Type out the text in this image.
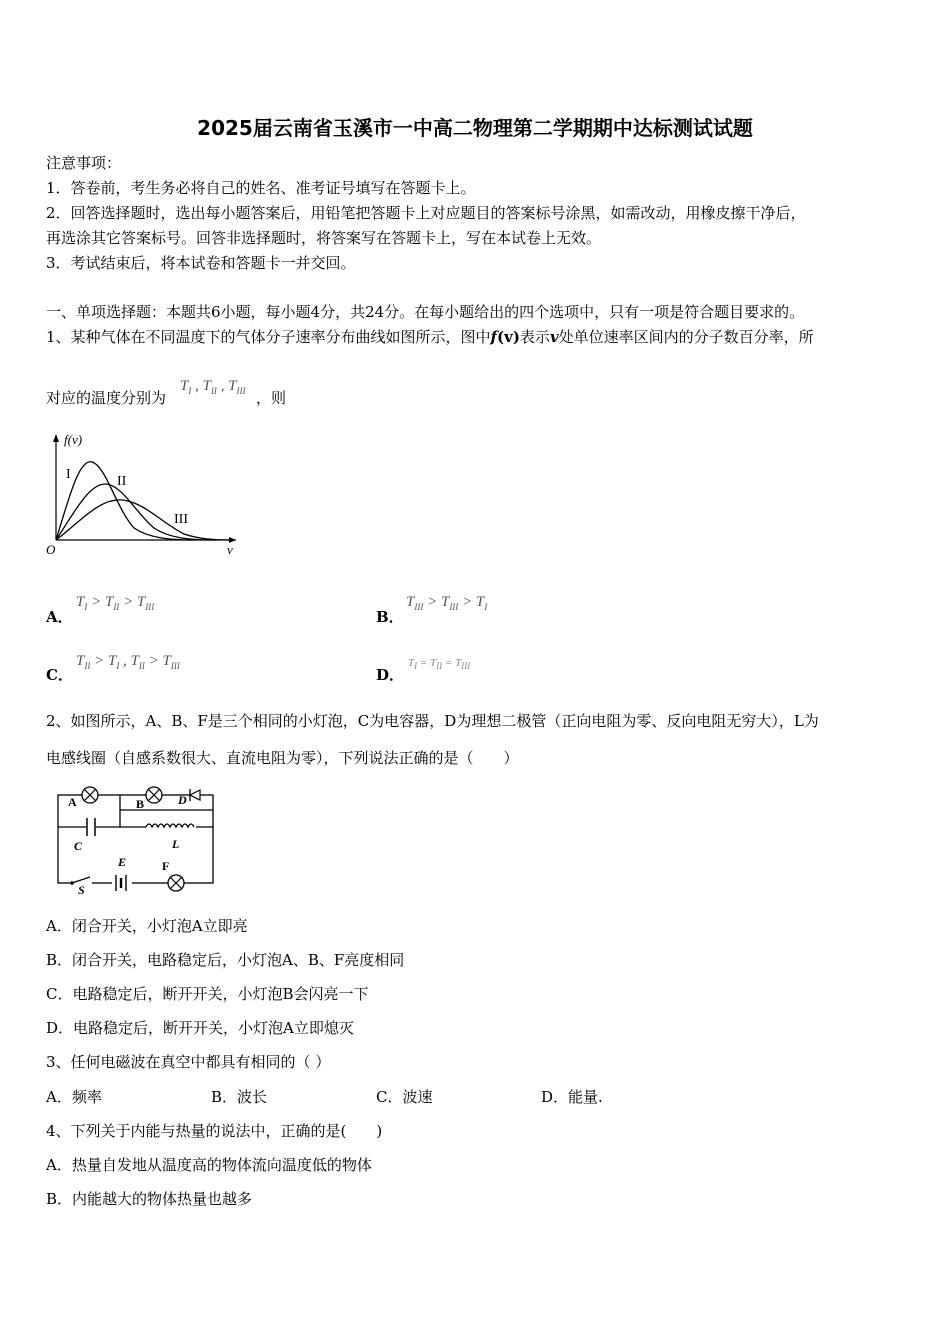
2025届云南省玉溪市一中高二物理第二学期期中达标测试试题
注意事项：
1．答卷前，考生务必将自己的姓名、准考证号填写在答题卡上。
2．回答选择题时，选出每小题答案后，用铅笔把答题卡上对应题目的答案标号涂黑，如需改动，用橡皮擦干净后，
再选涂其它答案标号。回答非选择题时，将答案写在答题卡上，写在本试卷上无效。
3．考试结束后，将本试卷和答题卡一并交回。
一、单项选择题：本题共6小题，每小题4分，共24分。在每小题给出的四个选项中，只有一项是符合题目要求的。
1、某种气体在不同温度下的气体分子速率分布曲线如图所示，图中f(v)表示v处单位速率区间内的分子数百分率，所
对应的温度分别为
$T_I$ , $T_{II}$ , $T_{III}$ ，则
f(v)
v
O
I	II
III
A．
$T_I > T_{II} > T_{III}$
B．
$T_{III} > T_{III} > T_I$
C．
$T_{II} > T_I$ , $T_{II} > T_{III}$	D．
$T_I = T_{II} = T_{III}$
2、如图所示，A、B、F是三个相同的小灯泡，C为电容器，D为理想二极管（正向电阻为零、反向电阻无穷大），L为
电感线圈（自感系数很大、直流电阻为零），下列说法正确的是（　　）
A
C
B	D
L
E	F
S
A．闭合开关，小灯泡A立即亮
B．闭合开关，电路稳定后，小灯泡A、B、F亮度相同
C．电路稳定后，断开开关，小灯泡B会闪亮一下
D．电路稳定后，断开开关，小灯泡A立即熄灭
3、任何电磁波在真空中都具有相同的（ ）
A．频率	B．波长	C．波速	D．能量.
4、下列关于内能与热量的说法中，正确的是(　　)
A．热量自发地从温度高的物体流向温度低的物体
B．内能越大的物体热量也越多
